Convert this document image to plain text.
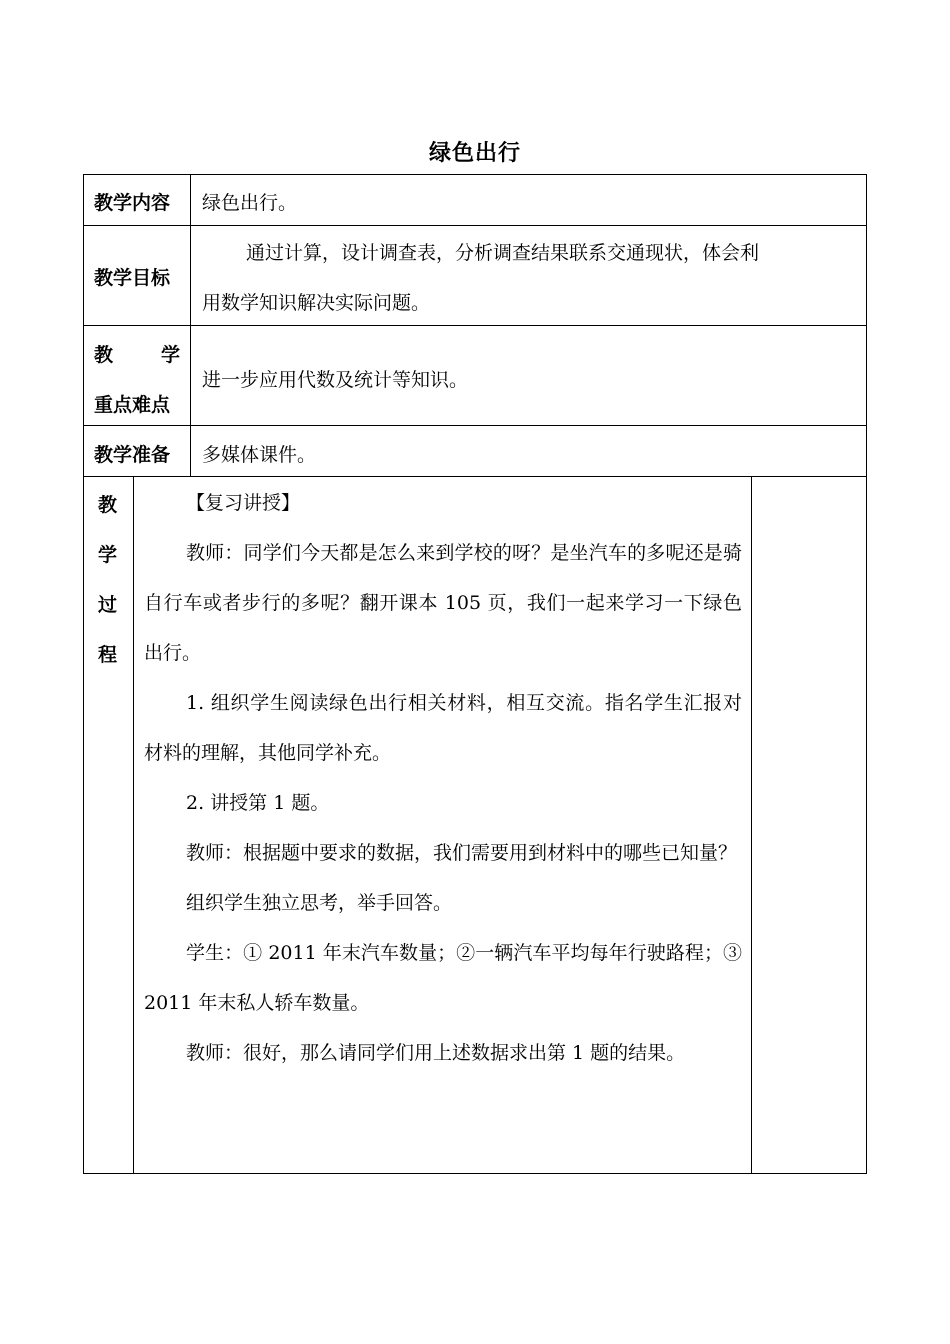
绿色出行
教学内容 绿色出行。
教学目标
通过计算，设计调查表，分析调查结果联系交通现状，体会利
用数学知识解决实际问题。
教	学
重点难点
进一步应用代数及统计等知识。
教学准备 多媒体课件。
教
学
过
程

【复习讲授】

教师：同学们今天都是怎么来到学校的呀？是坐汽车的多呢还是骑自行车或者步行的多呢？翻开课本 105 页，我们一起来学习一下绿色出行。

1. 组织学生阅读绿色出行相关材料，相互交流。指名学生汇报对材料的理解，其他同学补充。

2. 讲授第 1 题。

教师：根据题中要求的数据，我们需要用到材料中的哪些已知量？

组织学生独立思考，举手回答。

学生：① 2011 年末汽车数量；②一辆汽车平均每年行驶路程；③ 2011 年末私人轿车数量。

教师：很好，那么请同学们用上述数据求出第 1 题的结果。
